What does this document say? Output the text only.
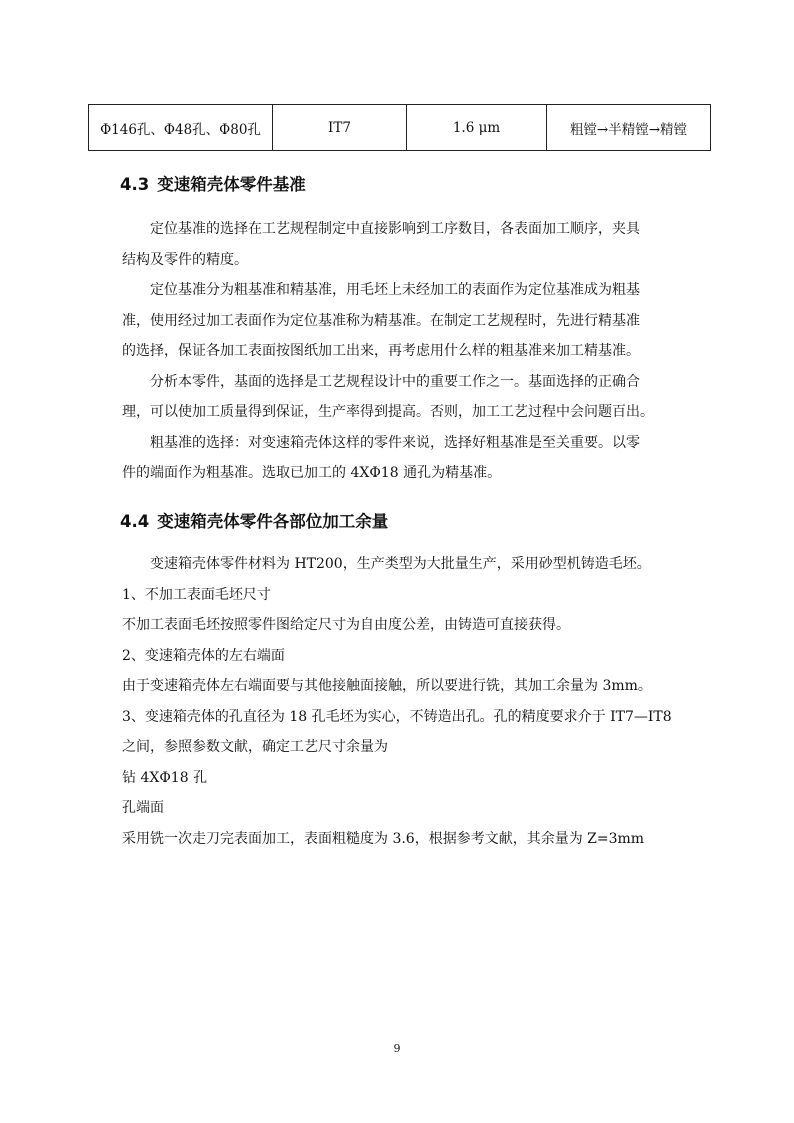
Φ146孔、Φ48孔、Φ80孔	IT7	1.6 μm	粗镗→半精镗→精镗
4.3 变速箱壳体零件基准
　　定位基准的选择在工艺规程制定中直接影响到工序数目，各表面加工顺序，夹具
结构及零件的精度。
　　定位基准分为粗基准和精基准，用毛坯上未经加工的表面作为定位基准成为粗基
准，使用经过加工表面作为定位基准称为精基准。在制定工艺规程时，先进行精基准
的选择，保证各加工表面按图纸加工出来，再考虑用什么样的粗基准来加工精基准。
　　分析本零件，基面的选择是工艺规程设计中的重要工作之一。基面选择的正确合
理，可以使加工质量得到保证，生产率得到提高。否则，加工工艺过程中会问题百出。
　　粗基准的选择：对变速箱壳体这样的零件来说，选择好粗基准是至关重要。以零
件的端面作为粗基准。选取已加工的 4XΦ18 通孔为精基准。
4.4 变速箱壳体零件各部位加工余量
　　变速箱壳体零件材料为 HT200，生产类型为大批量生产，采用砂型机铸造毛坯。
1、不加工表面毛坯尺寸
不加工表面毛坯按照零件图给定尺寸为自由度公差，由铸造可直接获得。
2、变速箱壳体的左右端面
由于变速箱壳体左右端面要与其他接触面接触，所以要进行铣，其加工余量为 3mm。
3、变速箱壳体的孔直径为 18 孔毛坯为实心，不铸造出孔。孔的精度要求介于 IT7—IT8
之间，参照参数文献，确定工艺尺寸余量为
钻 4XΦ18 孔
孔端面
采用铣一次走刀完表面加工，表面粗糙度为 3.6，根据参考文献，其余量为 Z=3mm
9
